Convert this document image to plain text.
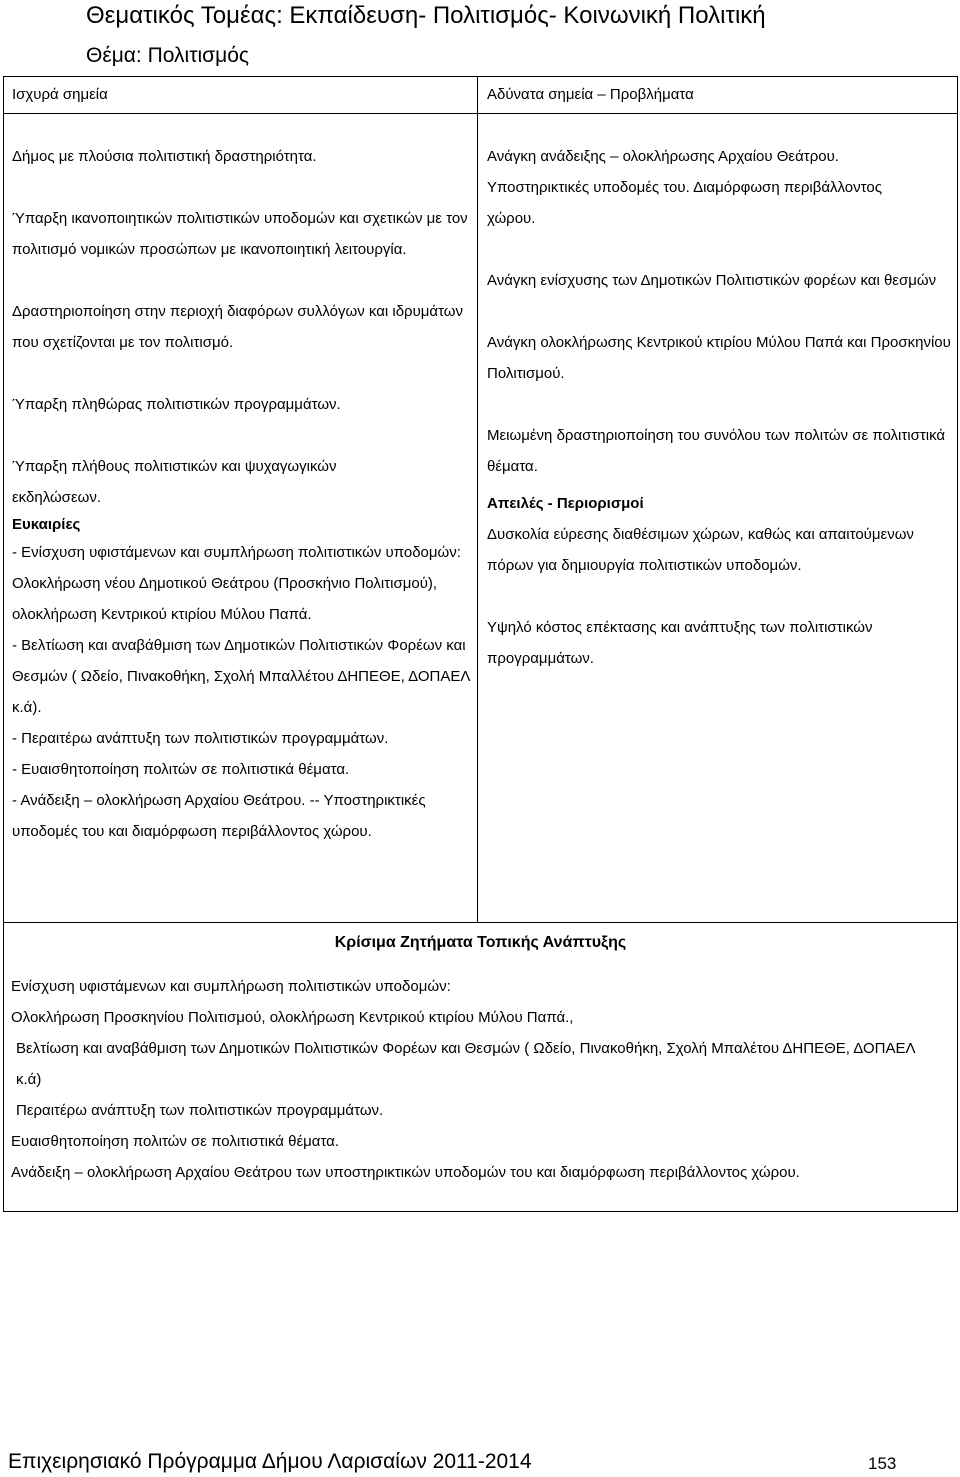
Θεματικός Τομέας: Εκπαίδευση- Πολιτισμός- Κοινωνική Πολιτική
Θέμα: Πολιτισμός
Ισχυρά σημεία	Αδύνατα σημεία – Προβλήματα

Δήμος με πλούσια πολιτιστική δραστηριότητα.

Ύπαρξη ικανοποιητικών πολιτιστικών υποδομών και σχετικών με τον πολιτισμό νομικών προσώπων με ικανοποιητική λειτουργία.

Δραστηριοποίηση στην περιοχή διαφόρων συλλόγων και ιδρυμάτων που σχετίζονται με τον πολιτισμό.

Ύπαρξη πληθώρας πολιτιστικών προγραμμάτων.

Ύπαρξη πλήθους πολιτιστικών και ψυχαγωγικών εκδηλώσεων.

Ευκαιρίες

- Ενίσχυση υφιστάμενων και συμπλήρωση πολιτιστικών υποδομών: Ολοκλήρωση νέου Δημοτικού Θεάτρου (Προσκήνιο Πολιτισμού), ολοκλήρωση Κεντρικού κτιρίου Μύλου Παπά.

- Βελτίωση και αναβάθμιση των Δημοτικών Πολιτιστικών Φορέων και Θεσμών ( Ωδείο, Πινακοθήκη, Σχολή Μπαλλέτου ΔΗΠΕΘΕ, ΔΟΠΑΕΛ κ.ά).

- Περαιτέρω ανάπτυξη των πολιτιστικών προγραμμάτων.

- Ευαισθητοποίηση πολιτών σε πολιτιστικά θέματα.

- Ανάδειξη – ολοκλήρωση Αρχαίου Θεάτρου. -- Υποστηρικτικές υποδομές του και διαμόρφωση περιβάλλοντος χώρου.

Ανάγκη ανάδειξης – ολοκλήρωσης Αρχαίου Θεάτρου. Υποστηρικτικές υποδομές του. Διαμόρφωση περιβάλλοντος χώρου.

Ανάγκη ενίσχυσης των Δημοτικών Πολιτιστικών φορέων και θεσμών

Ανάγκη ολοκλήρωσης Κεντρικού κτιρίου Μύλου Παπά και Προσκηνίου Πολιτισμού.

Μειωμένη δραστηριοποίηση του συνόλου των πολιτών σε πολιτιστικά θέματα.

Απειλές - Περιορισμοί

Δυσκολία εύρεσης διαθέσιμων χώρων, καθώς και απαιτούμενων πόρων για δημιουργία πολιτιστικών υποδομών.

Υψηλό κόστος επέκτασης και ανάπτυξης των πολιτιστικών προγραμμάτων.

Κρίσιμα Ζητήματα Τοπικής Ανάπτυξης

Ενίσχυση υφιστάμενων και συμπλήρωση πολιτιστικών υποδομών:

Ολοκλήρωση Προσκηνίου Πολιτισμού, ολοκλήρωση Κεντρικού κτιρίου Μύλου Παπά.,

Βελτίωση και αναβάθμιση των Δημοτικών Πολιτιστικών Φορέων και Θεσμών ( Ωδείο, Πινακοθήκη, Σχολή Μπαλέτου ΔΗΠΕΘΕ, ΔΟΠΑΕΛ κ.ά)

Περαιτέρω ανάπτυξη των πολιτιστικών προγραμμάτων.

Ευαισθητοποίηση πολιτών σε πολιτιστικά θέματα.

Ανάδειξη – ολοκλήρωση Αρχαίου Θεάτρου των υποστηρικτικών υποδομών του και διαμόρφωση περιβάλλοντος χώρου.

Επιχειρησιακό Πρόγραμμα Δήμου Λαρισαίων 2011-2014	153
